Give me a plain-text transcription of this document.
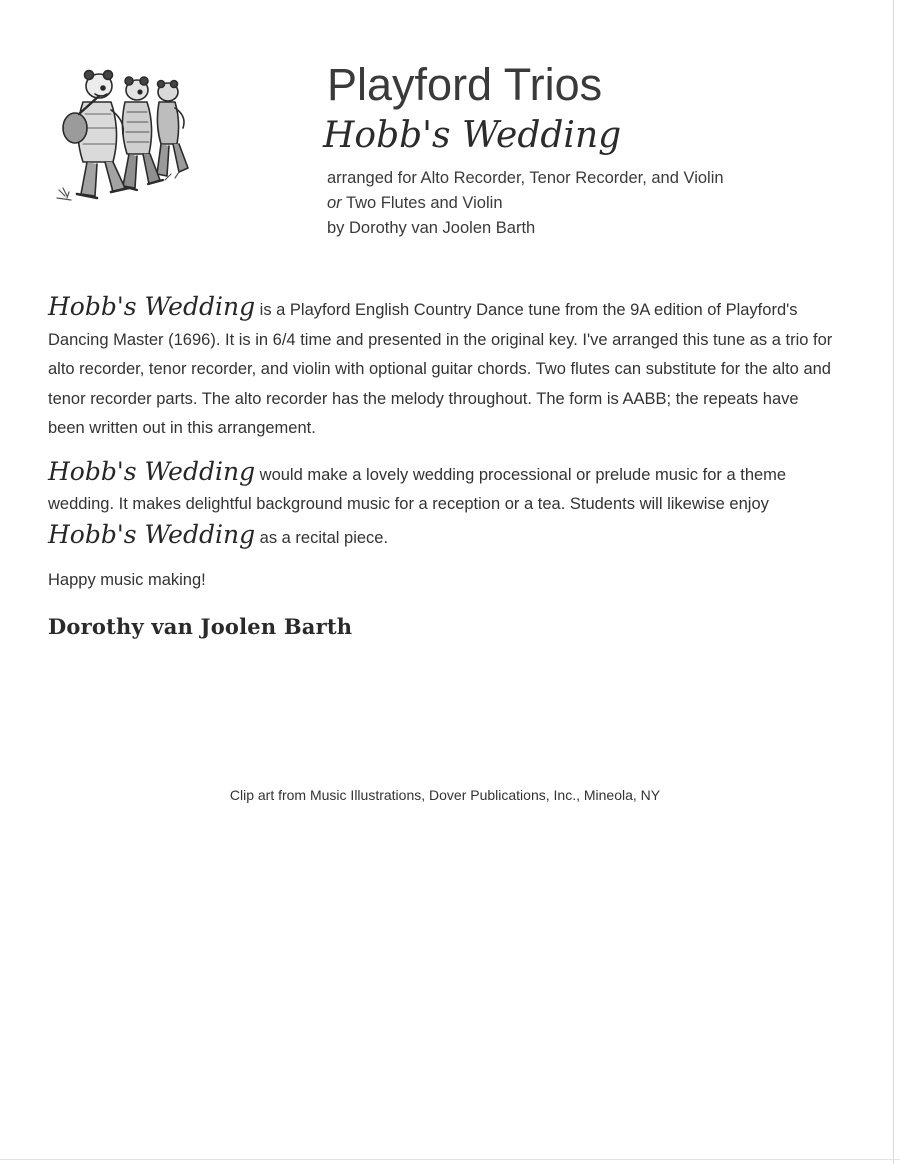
Playford Trios
Hobb's Wedding
arranged for Alto Recorder, Tenor Recorder, and Violin
or Two Flutes and Violin
by Dorothy van Joolen Barth

Hobb's Wedding is a Playford English Country Dance tune from the 9A edition of Playford's Dancing Master (1696). It is in 6/4 time and presented in the original key. I've arranged this tune as a trio for alto recorder, tenor recorder, and violin with optional guitar chords. Two flutes can substitute for the alto and tenor recorder parts. The alto recorder has the melody throughout. The form is AABB; the repeats have been written out in this arrangement.

Hobb's Wedding would make a lovely wedding processional or prelude music for a theme wedding. It makes delightful background music for a reception or a tea. Students will likewise enjoy Hobb's Wedding as a recital piece.

Happy music making!

Dorothy van Joolen Barth
Clip art from Music Illustrations, Dover Publications, Inc., Mineola, NY
